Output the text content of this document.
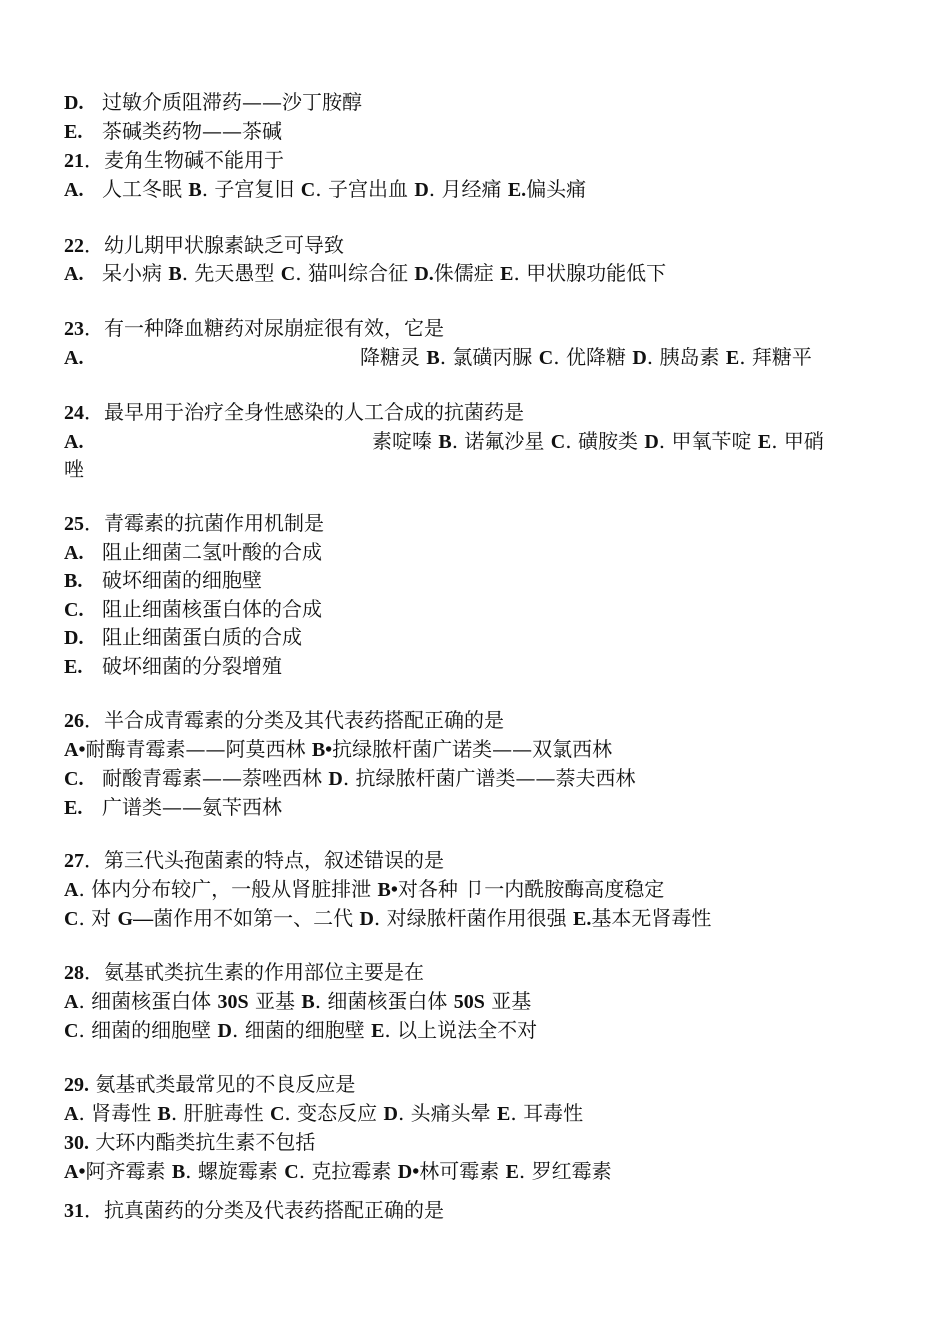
D. 过敏介质阻滞药——沙丁胺醇
E. 茶碱类药物——茶碱
21．麦角生物碱不能用于
A. 人工冬眠 B. 子宫复旧 C. 子宫出血 D. 月经痛 E.偏头痛
22．幼儿期甲状腺素缺乏可导致
A. 呆小病 B. 先天愚型 C. 猫叫综合征 D.侏儒症 E. 甲状腺功能低下
23．有一种降血糖药对尿崩症很有效，它是
A.	降糖灵 B. 氯磺丙脲 C. 优降糖 D. 胰岛素 E. 拜糖平
24．最早用于治疗全身性感染的人工合成的抗菌药是
A.	素啶嗪 B. 诺氟沙星 C. 磺胺类 D. 甲氧苄啶 E. 甲硝
唑
25．青霉素的抗菌作用机制是
A. 阻止细菌二氢叶酸的合成
B. 破坏细菌的细胞壁
C. 阻止细菌核蛋白体的合成
D. 阻止细菌蛋白质的合成
E. 破坏细菌的分裂增殖
26．半合成青霉素的分类及其代表药搭配正确的是
A•耐酶青霉素——阿莫西林 B•抗绿脓杆菌广诺类——双氯西林
C. 耐酸青霉素——萘唑西林 D. 抗绿脓杆菌广谱类——萘夫西林
E. 广谱类——氨苄西林
27．第三代头孢菌素的特点，叙述错误的是
A. 体内分布较广，一般从肾脏排泄 B•对各种 卩一内酰胺酶高度稳定
C. 对 G—菌作用不如第一、二代 D. 对绿脓杆菌作用很强 E.基本无肾毒性
28．氨基甙类抗生素的作用部位主要是在
A. 细菌核蛋白体 30S 亚基 B. 细菌核蛋白体 50S 亚基
C. 细菌的细胞壁 D. 细菌的细胞壁 E. 以上说法全不对
29. 氨基甙类最常见的不良反应是
A. 肾毒性 B. 肝脏毒性 C. 变态反应 D. 头痛头晕 E. 耳毒性
30. 大环内酯类抗生素不包括
A•阿齐霉素 B. 螺旋霉素 C. 克拉霉素 D•林可霉素 E. 罗红霉素
31．抗真菌药的分类及代表药搭配正确的是
